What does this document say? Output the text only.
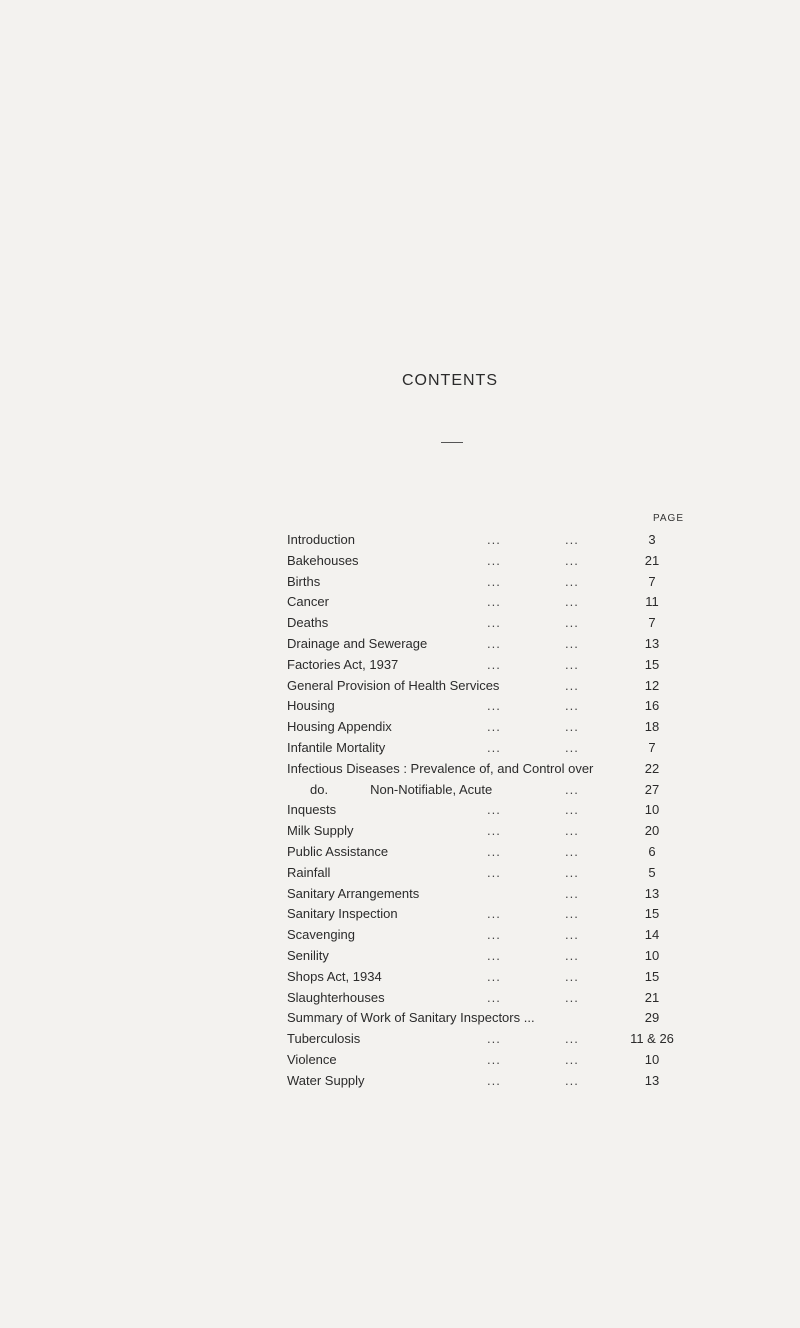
CONTENTS
PAGE
Introduction	...	...	3
Bakehouses	...	...	21
Births	...	...	7
Cancer	...	...	11
Deaths	...	...	7
Drainage and Sewerage	...	...	13
Factories Act, 1937	...	...	15
General Provision of Health Services	...	12
Housing	...	...	16
Housing Appendix	...	...	18
Infantile Mortality	...	...	7
Infectious Diseases : Prevalence of, and Control over	22
do.	Non-Notifiable, Acute	...	27
Inquests	...	...	10
Milk Supply	...	...	20
Public Assistance	...	...	6
Rainfall	...	...	5
Sanitary Arrangements	...	13
Sanitary Inspection	...	...	15
Scavenging	...	...	14
Senility	...	...	10
Shops Act, 1934	...	...	15
Slaughterhouses	...	...	21
Summary of Work of Sanitary Inspectors ...	29
Tuberculosis	...	...	11 & 26
Violence	...	...	10
Water Supply	...	...	13
